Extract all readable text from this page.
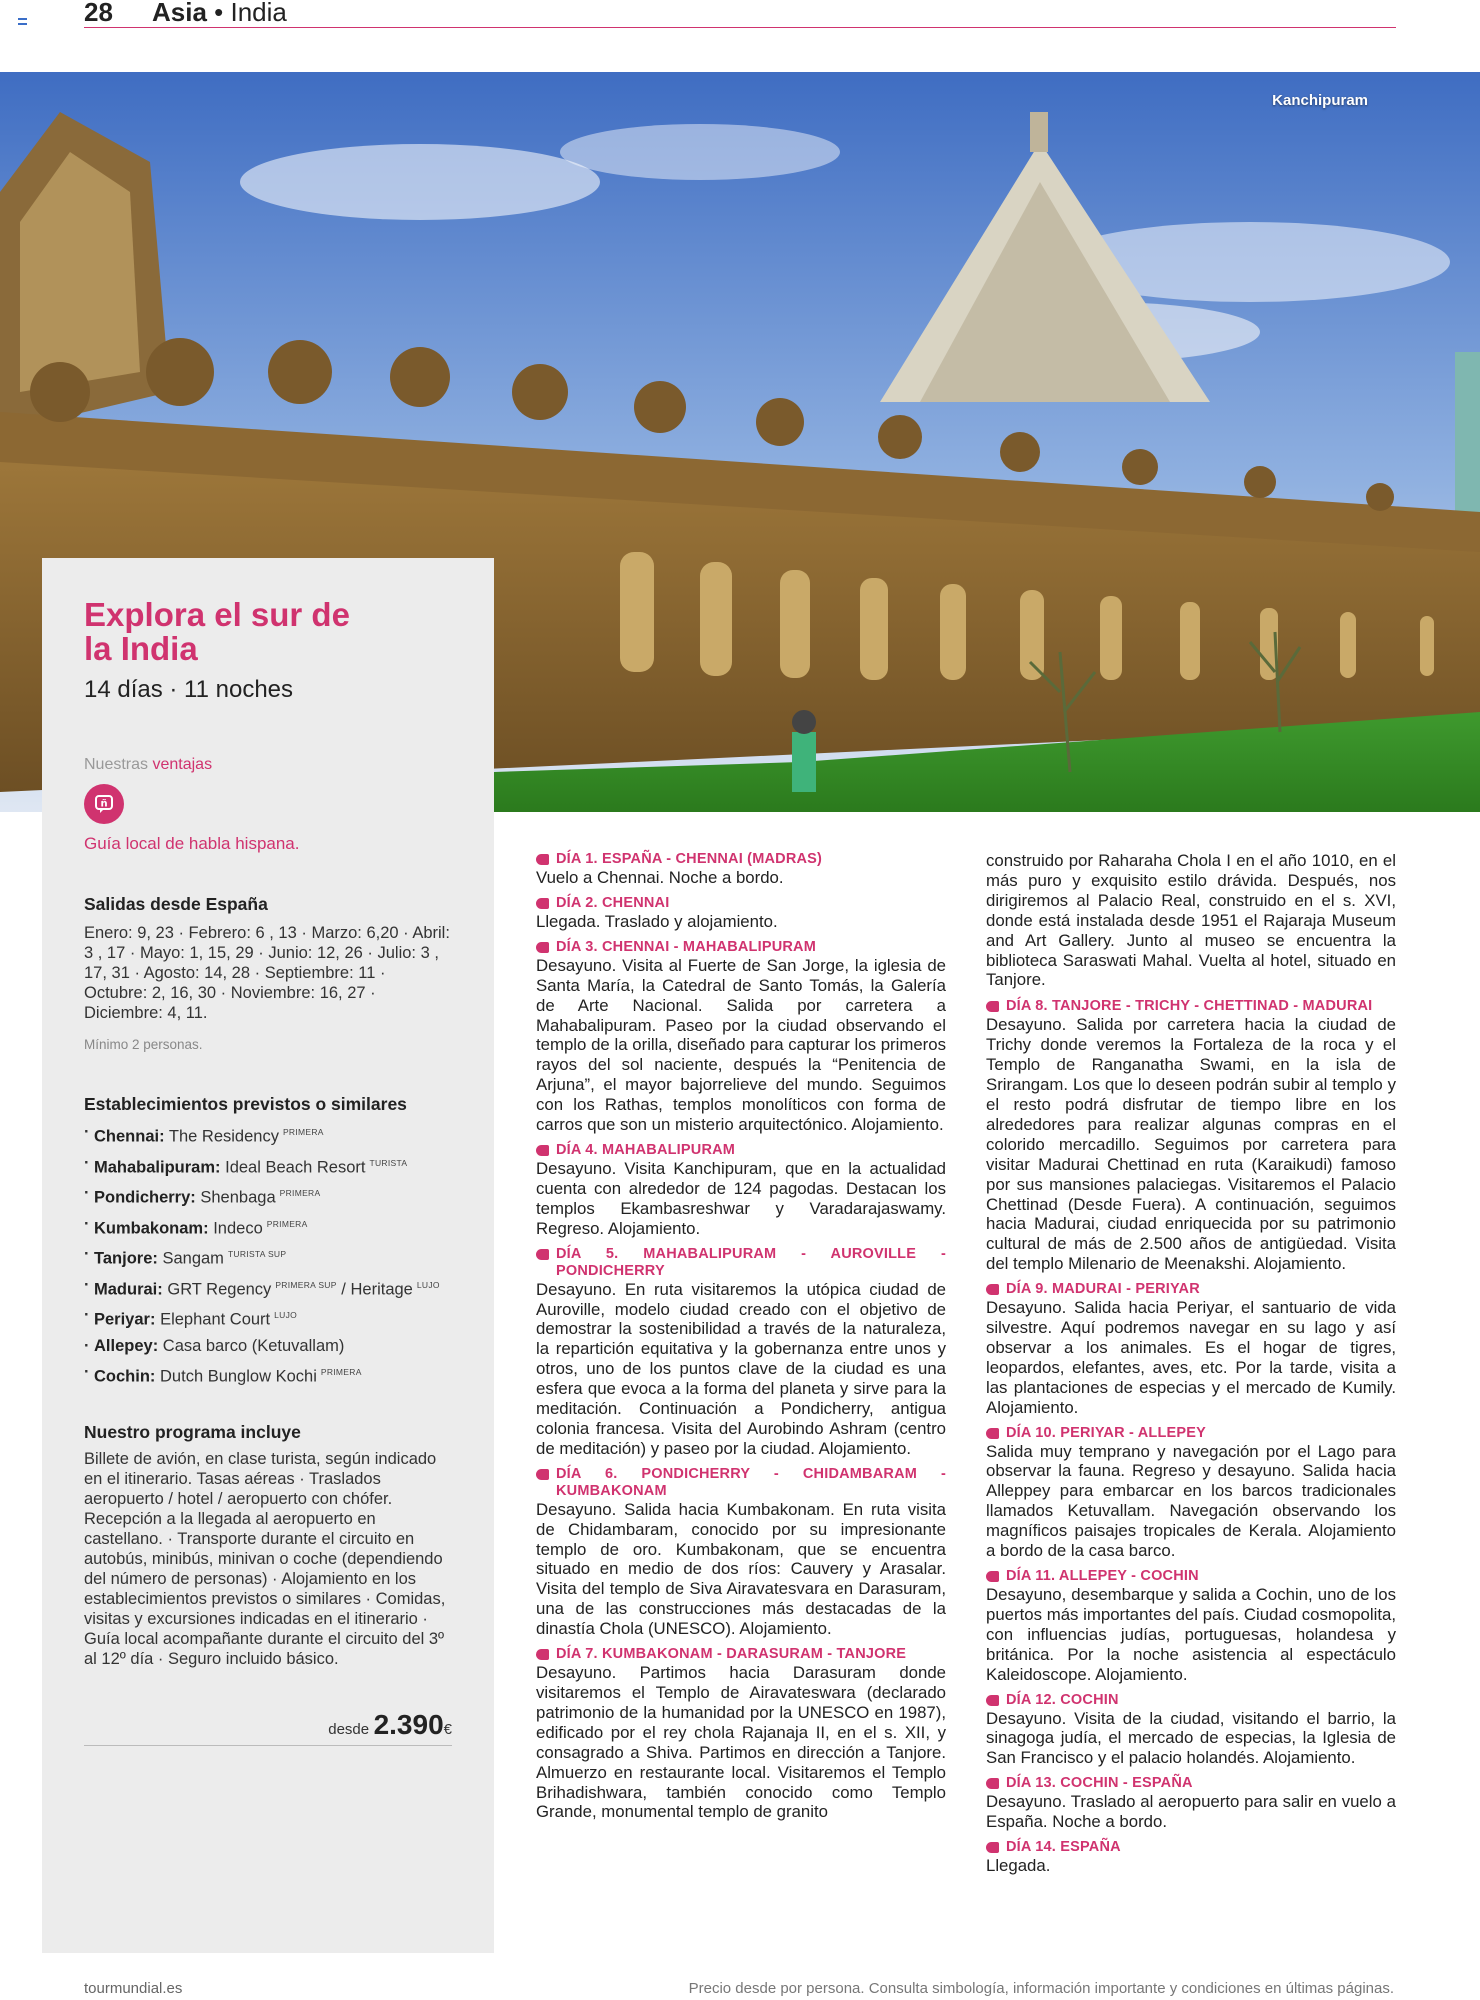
28 Asia • India
Kanchipuram
Explora el sur de la India
14 días · 11 noches
Nuestras ventajas
ñ
Guía local de habla hispana.
Salidas desde España
Enero: 9, 23 · Febrero: 6 , 13 · Marzo: 6,20 · Abril: 3 , 17 · Mayo: 1, 15, 29 · Junio: 12, 26 · Julio: 3 , 17, 31 · Agosto: 14, 28 · Septiembre: 11 · Octubre: 2, 16, 30 · Noviembre: 16, 27 · Diciembre: 4, 11.
Mínimo 2 personas.
Establecimientos previstos o similares
· Chennai: The Residency $^{PRIMERA}$
· Mahabalipuram: Ideal Beach Resort $^{TURISTA}$
· Pondicherry: Shenbaga $^{PRIMERA}$
· Kumbakonam: Indeco $^{PRIMERA}$
· Tanjore: Sangam $^{TURISTA SUP}$
· Madurai: GRT Regency $^{PRIMERA SUP}$ / Heritage $^{LUJO}$
· Periyar: Elephant Court $^{LUJO}$
· Allepey: Casa barco (Ketuvallam)
· Cochin: Dutch Bunglow Kochi $^{PRIMERA}$
Nuestro programa incluye
Billete de avión, en clase turista, según indicado en el itinerario. Tasas aéreas · Traslados aeropuerto / hotel / aeropuerto con chófer. Recepción a la llegada al aeropuerto en castellano. · Transporte durante el circuito en autobús, minibús, minivan o coche (dependiendo del número de personas) · Alojamiento en los establecimientos previstos o similares · Comidas, visitas y excursiones indicadas en el itinerario · Guía local acompañante durante el circuito del 3º al 12º día · Seguro incluido básico.
desde 2.390€
DÍA 1. ESPAÑA - CHENNAI (MADRAS)
Vuelo a Chennai. Noche a bordo.
DÍA 2. CHENNAI
Llegada. Traslado y alojamiento.
DÍA 3. CHENNAI - MAHABALIPURAM
Desayuno. Visita al Fuerte de San Jorge, la iglesia de Santa María, la Catedral de Santo Tomás, la Galería de Arte Nacional. Salida por carretera a Mahabalipuram. Paseo por la ciudad observando el templo de la orilla, diseñado para capturar los primeros rayos del sol naciente, después la “Penitencia de Arjuna”, el mayor bajorrelieve del mundo. Seguimos con los Rathas, templos monolíticos con forma de carros que son un misterio arquitectónico. Alojamiento.
DÍA 4. MAHABALIPURAM
Desayuno. Visita Kanchipuram, que en la actualidad cuenta con alrededor de 124 pagodas. Destacan los templos Ekambasreshwar y Varadarajaswamy. Regreso. Alojamiento.
DÍA 5. MAHABALIPURAM - AUROVILLE - PONDICHERRY
Desayuno. En ruta visitaremos la utópica ciudad de Auroville, modelo ciudad creado con el objetivo de demostrar la sostenibilidad a través de la naturaleza, la repartición equitativa y la gobernanza entre unos y otros, uno de los puntos clave de la ciudad es una esfera que evoca a la forma del planeta y sirve para la meditación. Continuación a Pondicherry, antigua colonia francesa. Visita del Aurobindo Ashram (centro de meditación) y paseo por la ciudad. Alojamiento.
DÍA 6. PONDICHERRY - CHIDAMBARAM - KUMBAKONAM
Desayuno. Salida hacia Kumbakonam. En ruta visita de Chidambaram, conocido por su impresionante templo de oro. Kumbakonam, que se encuentra situado en medio de dos ríos: Cauvery y Arasalar. Visita del templo de Siva Airavatesvara en Darasuram, una de las construcciones más destacadas de la dinastía Chola (UNESCO). Alojamiento.
DÍA 7. KUMBAKONAM - DARASURAM - TANJORE
Desayuno. Partimos hacia Darasuram donde visitaremos el Templo de Airavateswara (declarado patrimonio de la humanidad por la UNESCO en 1987), edificado por el rey chola Rajanaja II, en el s. XII, y consagrado a Shiva. Partimos en dirección a Tanjore. Almuerzo en restaurante local. Visitaremos el Templo Brihadishwara, también conocido como Templo Grande, monumental templo de granito
construido por Raharaha Chola I en el año 1010, en el más puro y exquisito estilo drávida. Después, nos dirigiremos al Palacio Real, construido en el s. XVI, donde está instalada desde 1951 el Rajaraja Museum and Art Gallery. Junto al museo se encuentra la biblioteca Saraswati Mahal. Vuelta al hotel, situado en Tanjore.
DÍA 8. TANJORE - TRICHY - CHETTINAD - MADURAI
Desayuno. Salida por carretera hacia la ciudad de Trichy donde veremos la Fortaleza de la roca y el Templo de Ranganatha Swami, en la isla de Srirangam. Los que lo deseen podrán subir al templo y el resto podrá disfrutar de tiempo libre en los alrededores para realizar algunas compras en el colorido mercadillo. Seguimos por carretera para visitar Madurai Chettinad en ruta (Karaikudi) famoso por sus mansiones palaciegas. Visitaremos el Palacio Chettinad (Desde Fuera). A continuación, seguimos hacia Madurai, ciudad enriquecida por su patrimonio cultural de más de 2.500 años de antigüedad. Visita del templo Milenario de Meenakshi. Alojamiento.
DÍA 9. MADURAI - PERIYAR
Desayuno. Salida hacia Periyar, el santuario de vida silvestre. Aquí podremos navegar en su lago y así observar a los animales. Es el hogar de tigres, leopardos, elefantes, aves, etc. Por la tarde, visita a las plantaciones de especias y el mercado de Kumily. Alojamiento.
DÍA 10. PERIYAR - ALLEPEY
Salida muy temprano y navegación por el Lago para observar la fauna. Regreso y desayuno. Salida hacia Alleppey para embarcar en los barcos tradicionales llamados Ketuvallam. Navegación observando los magníficos paisajes tropicales de Kerala. Alojamiento a bordo de la casa barco.
DÍA 11. ALLEPEY - COCHIN
Desayuno, desembarque y salida a Cochin, uno de los puertos más importantes del país. Ciudad cosmopolita, con influencias judías, portuguesas, holandesa y británica. Por la noche asistencia al espectáculo Kaleidoscope. Alojamiento.
DÍA 12. COCHIN
Desayuno. Visita de la ciudad, visitando el barrio, la sinagoga judía, el mercado de especias, la Iglesia de San Francisco y el palacio holandés. Alojamiento.
DÍA 13. COCHIN - ESPAÑA
Desayuno. Traslado al aeropuerto para salir en vuelo a España. Noche a bordo.
DÍA 14. ESPAÑA
Llegada.
tourmundial.es	Precio desde por persona. Consulta simbología, información importante y condiciones en últimas páginas.
